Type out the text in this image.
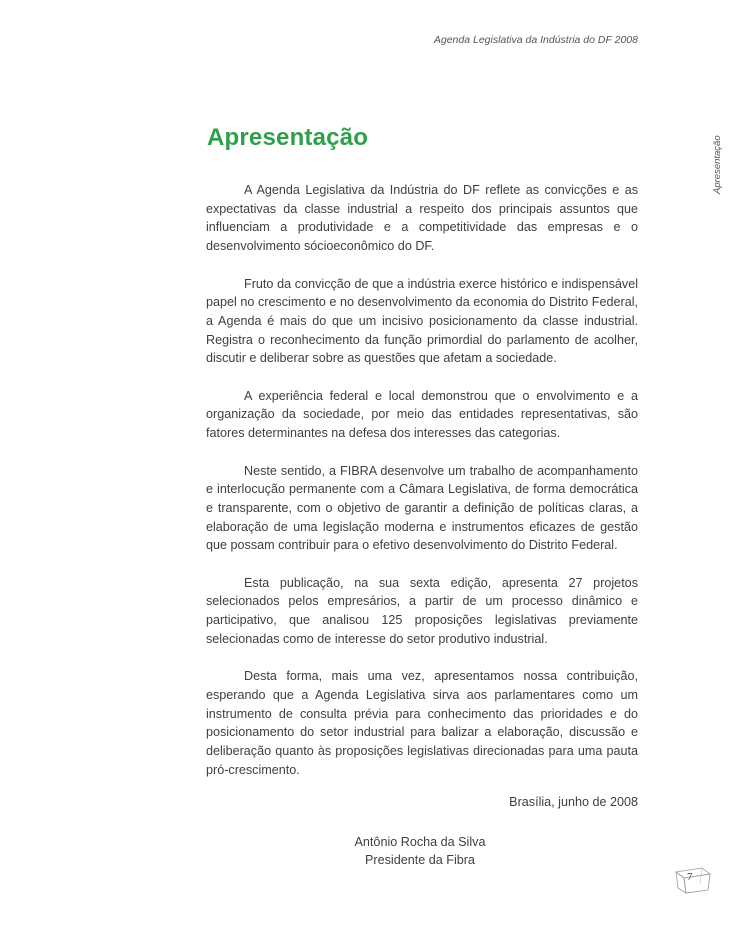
Agenda Legislativa da Indústria do DF 2008
Apresentação
Apresentação

A Agenda Legislativa da Indústria do DF reflete as convicções e as expectativas da classe industrial a respeito dos principais assuntos que influenciam a produtividade e a competitividade das empresas e o desenvolvimento sócioeconômico do DF.

Fruto da convicção de que a indústria exerce histórico e indispensável papel no crescimento e no desenvolvimento da economia do Distrito Federal, a Agenda é mais do que um incisivo posicionamento da classe industrial. Registra o reconhecimento da função primordial do parlamento de acolher, discutir e deliberar sobre as questões que afetam a sociedade.

A experiência federal e local demonstrou que o envolvimento e a organização da sociedade, por meio das entidades representativas, são fatores determinantes na defesa dos interesses das categorias.

Neste sentido, a FIBRA desenvolve um trabalho de acompanhamento e interlocução permanente com a Câmara Legislativa, de forma democrática e transparente, com o objetivo de garantir a definição de políticas claras, a elaboração de uma legislação moderna e instrumentos eficazes de gestão que possam contribuir para o efetivo desenvolvimento do Distrito Federal.

Esta publicação, na sua sexta edição, apresenta 27 projetos selecionados pelos empresários, a partir de um processo dinâmico e participativo, que analisou 125 proposições legislativas previamente selecionadas como de interesse do setor produtivo industrial.

Desta forma, mais uma vez, apresentamos nossa contribuição, esperando que a Agenda Legislativa sirva aos parlamentares como um instrumento de consulta prévia para conhecimento das prioridades e do posicionamento do setor industrial para balizar a elaboração, discussão e deliberação quanto às proposições legislativas direcionadas para uma pauta pró-crescimento.

Brasília, junho de 2008
Antônio Rocha da Silva
Presidente da Fibra
7
